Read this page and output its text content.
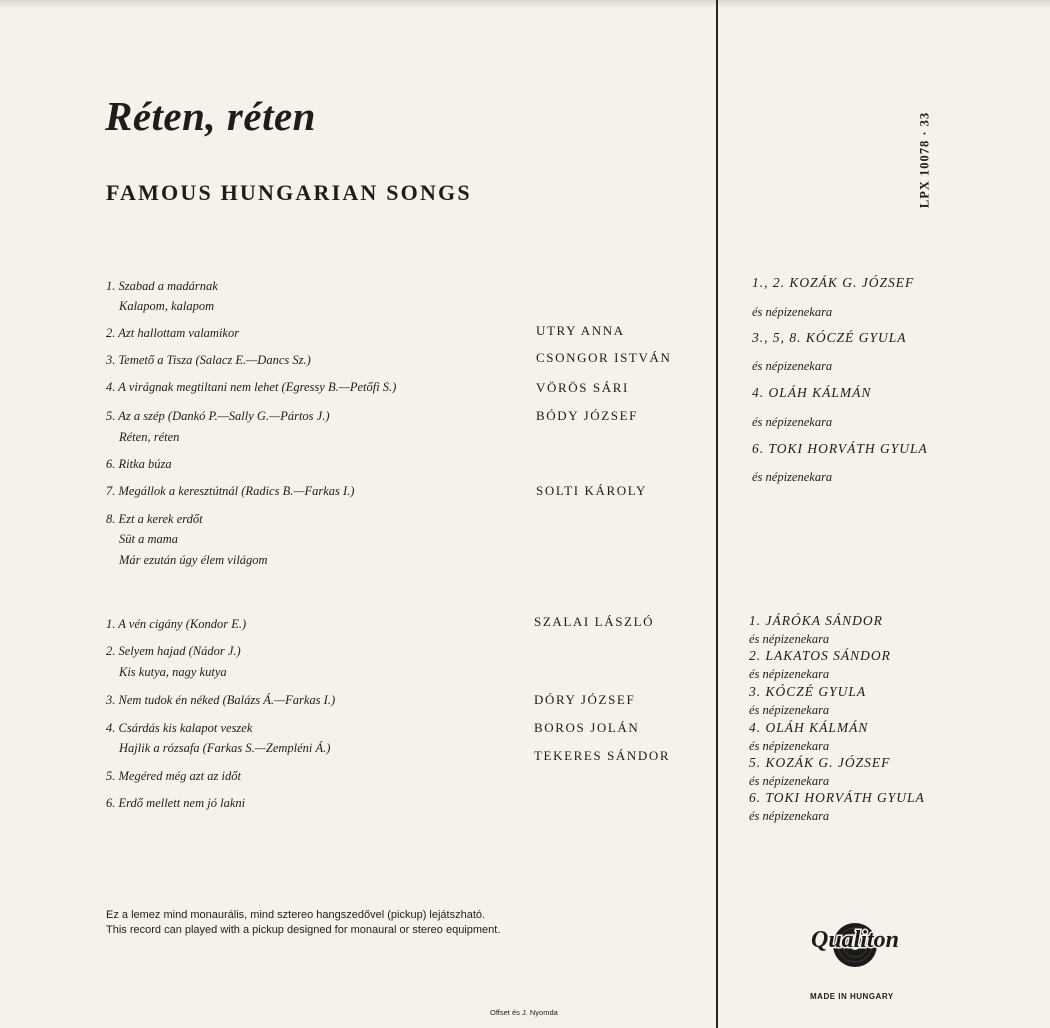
Réten, réten
FAMOUS HUNGARIAN SONGS
1. Szabad a madárnak
Kalapom, kalapom
2. Azt hallottam valamikor
3. Temető a Tisza (Salacz E.—Dancs Sz.)
4. A virágnak megtiltani nem lehet (Egressy B.—Petőfi S.)
5. Az a szép (Dankó P.—Sally G.—Pártos J.)
Réten, réten
6. Ritka búza
7. Megállok a keresztútnál (Radics B.—Farkas I.)
8. Ezt a kerek erdőt
Süt a mama
Már ezután úgy élem világom
UTRY ANNA
CSONGOR ISTVÁN
VÖRÖS SÁRI
BÓDY JÓZSEF
SOLTI KÁROLY
1. A vén cigány (Kondor E.)
2. Selyem hajad (Nádor J.)
Kis kutya, nagy kutya
3. Nem tudok én néked (Balázs Á.—Farkas I.)
4. Csárdás kis kalapot veszek
Hajlik a rózsafa (Farkas S.—Zempléni Á.)
5. Megéred még azt az időt
6. Erdő mellett nem jó lakni
SZALAI LÁSZLÓ
DÓRY JÓZSEF
BOROS JOLÁN
TEKERES SÁNDOR
LPX 10078 · 33
1., 2. KOZÁK G. JÓZSEF
és népizenekara
3., 5, 8. KÓCZÉ GYULA
és népizenekara
4. OLÁH KÁLMÁN
és népizenekara
6. TOKI HORVÁTH GYULA
és népizenekara
1. JÁRÓKA SÁNDOR
és népizenekara
2. LAKATOS SÁNDOR
és népizenekara
3. KÓCZÉ GYULA
és népizenekara
4. OLÁH KÁLMÁN
és népizenekara
5. KOZÁK G. JÓZSEF
és népizenekara
6. TOKI HORVÁTH GYULA
és népizenekara
Ez a lemez mind monaurális, mind sztereo hangszedővel (pickup) lejátszható.
This record can played with a pickup designed for monaural or stereo equipment.
Offset és J. Nyomda
Qualiton
MADE IN HUNGARY
